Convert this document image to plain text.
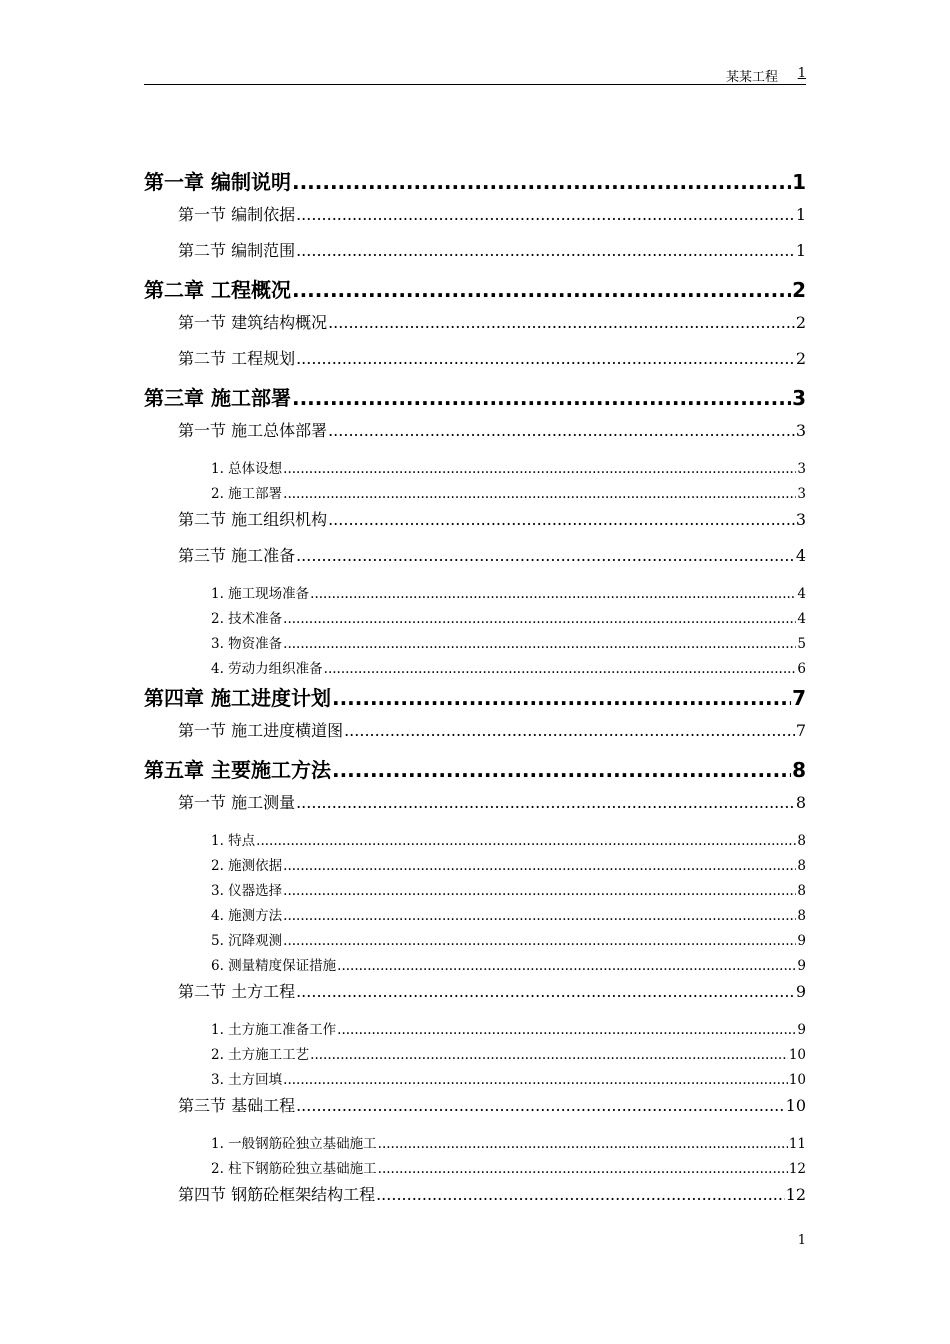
某某工程 1
第一章 编制说明 .....	1
第一节 编制依据 .....	1
第二节 编制范围 .....	1
第二章 工程概况 .....	2
第一节 建筑结构概况 .....	2
第二节 工程规划 .....	2
第三章 施工部署 .....	3
第一节 施工总体部署 .....	3
1. 总体设想 .....	3
2. 施工部署 .....	3
第二节 施工组织机构 .....	3
第三节 施工准备 .....	4
1. 施工现场准备 .....	4
2. 技术准备 .....	4
3. 物资准备 .....	5
4. 劳动力组织准备 .....	6
第四章 施工进度计划 .....	7
第一节 施工进度横道图 .....	7
第五章 主要施工方法 .....	8
第一节 施工测量 .....	8
1. 特点 .....	8
2. 施测依据 .....	8
3. 仪器选择 .....	8
4. 施测方法 .....	8
5. 沉降观测 .....	9
6. 测量精度保证措施 .....	9
第二节 土方工程 .....	9
1. 土方施工准备工作 .....	9
2. 土方施工工艺 .....	10
3. 土方回填 .....	10
第三节 基础工程 .....	10
1. 一般钢筋砼独立基础施工 .....	11
2. 柱下钢筋砼独立基础施工 .....	12
第四节 钢筋砼框架结构工程 .....	12
1
